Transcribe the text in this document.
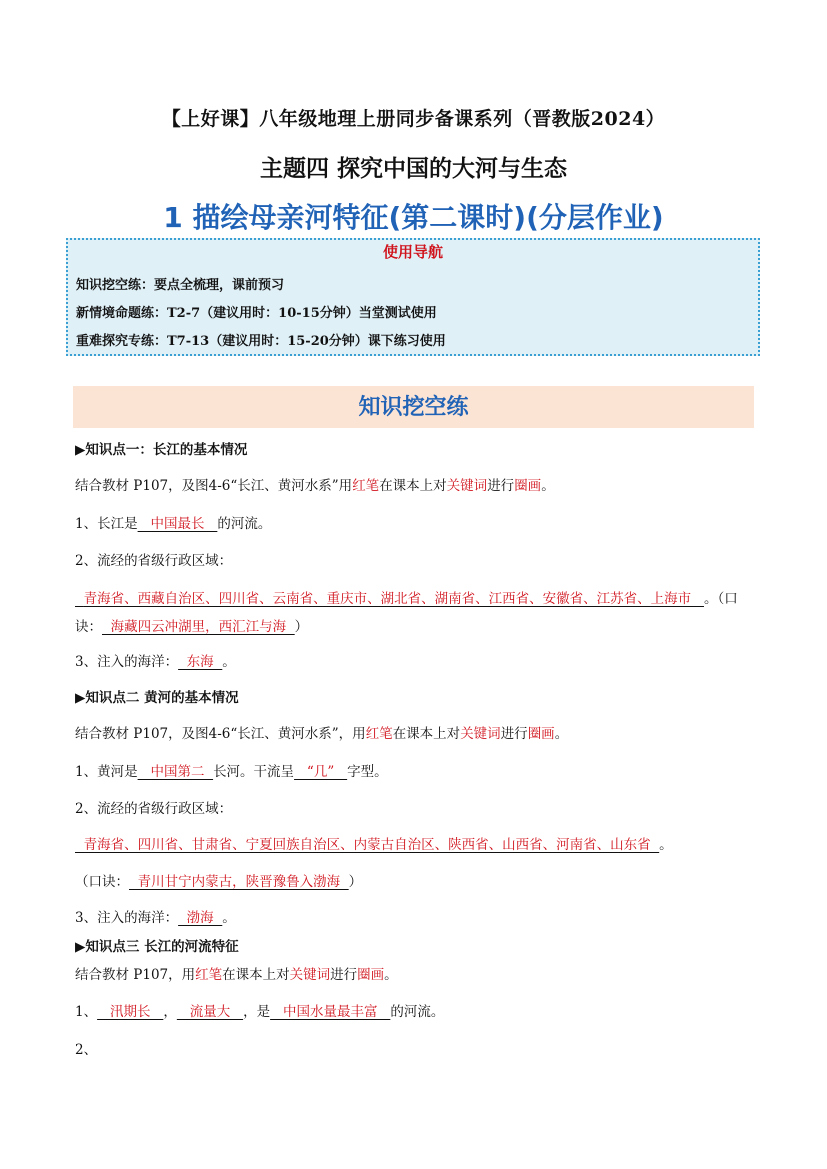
【上好课】八年级地理上册同步备课系列（晋教版2024）
主题四 探究中国的大河与生态
1 描绘母亲河特征(第二课时)(分层作业)
使用导航
知识挖空练：要点全梳理，课前预习
新情境命题练：T2-7（建议用时：10-15分钟）当堂测试使用
重难探究专练：T7-13（建议用时：15-20分钟）课下练习使用
知识挖空练
▶知识点一：长江的基本情况
结合教材 P107，及图4-6“长江、黄河水系”用红笔在课本上对关键词进行圈画。
1、长江是   中国最长   的河流。
2、流经的省级行政区域：
青海省、西藏自治区、四川省、云南省、重庆市、湖北省、湖南省、江西省、安徽省、江苏省、上海市   。（口诀：  海藏四云冲湖里，西汇江与海  ）
3、注入的海洋：  东海  。
▶知识点二 黄河的基本情况
结合教材 P107，及图4-6“长江、黄河水系”，用红笔在课本上对关键词进行圈画。
1、黄河是   中国第二  长河。干流呈   “几”   字型。
2、流经的省级行政区域：
青海省、四川省、甘肃省、宁夏回族自治区、内蒙古自治区、陕西省、山西省、河南省、山东省  。
（口诀：  青川甘宁内蒙古，陕晋豫鲁入渤海  ）
3、注入的海洋：  渤海  。
▶知识点三 长江的河流特征
结合教材 P107，用红笔在课本上对关键词进行圈画。
1、   汛期长   ，   流量大   ，是   中国水量最丰富   的河流。
2、
